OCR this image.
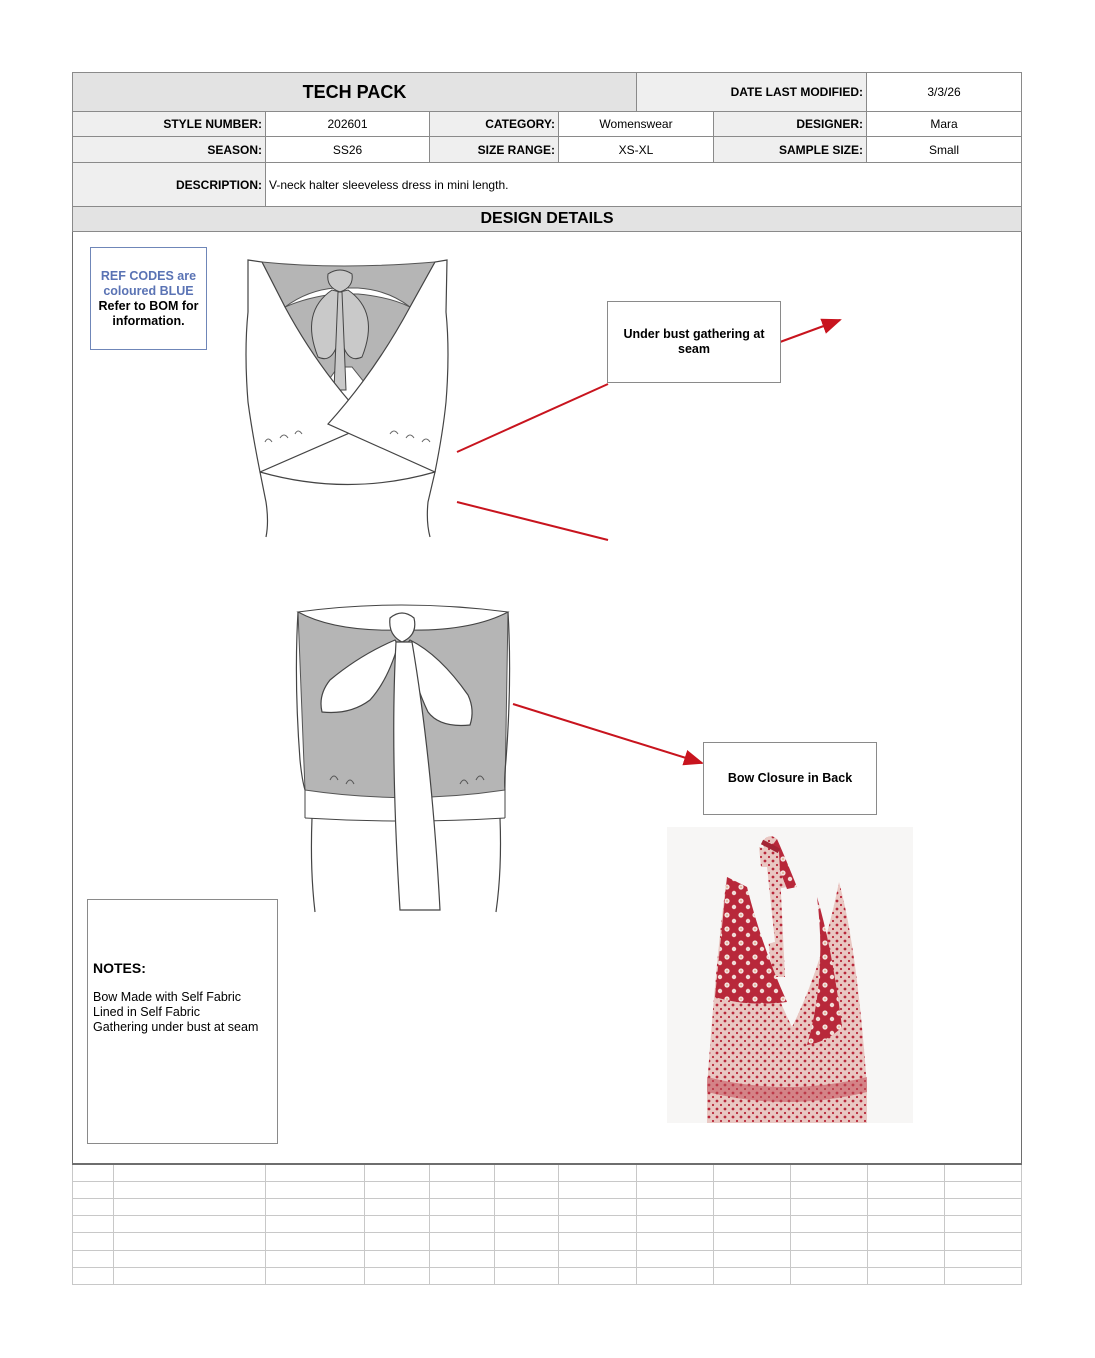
TECH PACK	DATE LAST MODIFIED:	3/3/26
STYLE NUMBER:	202601	CATEGORY:	Womenswear	DESIGNER:	Mara
SEASON:	SS26	SIZE RANGE:	XS-XL	SAMPLE SIZE:	Small
DESCRIPTION: V-neck halter sleeveless dress in mini length.
DESIGN DETAILS
REF CODES are coloured BLUE
Refer to BOM for information.
Under bust gathering at seam
Bow Closure in Back
NOTES:
Bow Made with Self Fabric
Lined in Self Fabric
Gathering under bust at seam
